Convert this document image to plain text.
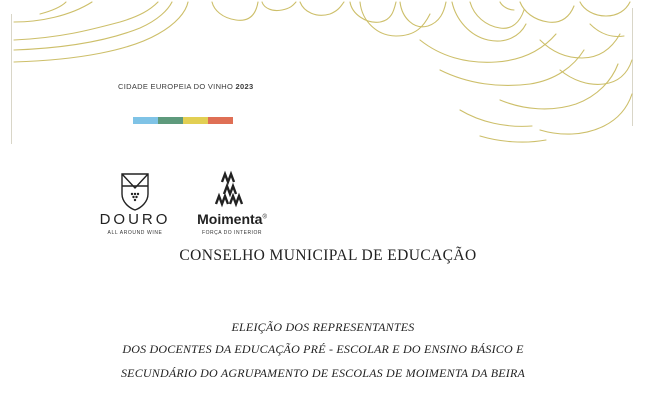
CIDADE EUROPEIA DO VINHO 2023
DOURO
ALL AROUND WINE
Moimenta®
FORÇA DO INTERIOR
CONSELHO MUNICIPAL DE EDUCAÇÃO
ELEIÇÃO DOS REPRESENTANTES
DOS DOCENTES DA EDUCAÇÃO PRÉ - ESCOLAR E DO ENSINO BÁSICO E
SECUNDÁRIO DO AGRUPAMENTO DE ESCOLAS DE MOIMENTA DA BEIRA
